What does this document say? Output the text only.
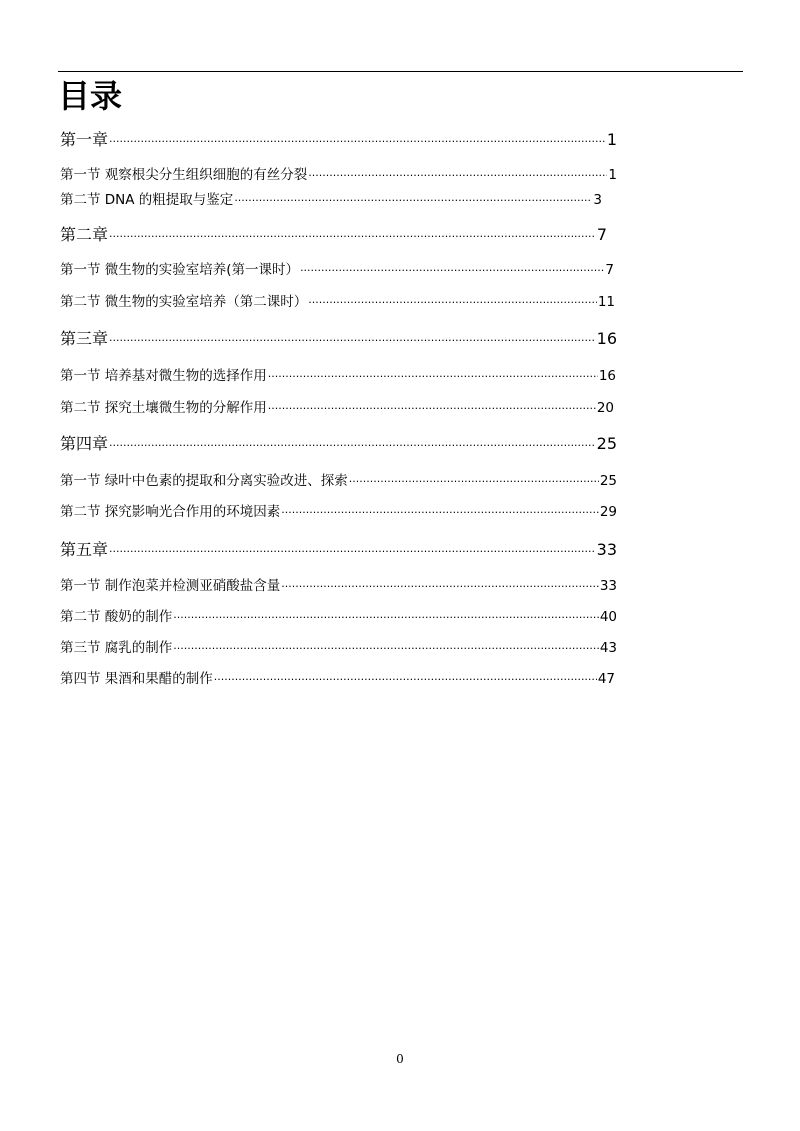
目录
第一章 ·····	1
第一节 观察根尖分生组织细胞的有丝分裂 ·····	1
第二节 DNA 的粗提取与鉴定 ·····	3
第二章 ·····	7
第一节 微生物的实验室培养(第一课时） ·····	7
第二节 微生物的实验室培养（第二课时） ·····	11
第三章 ·····	16
第一节 培养基对微生物的选择作用 ·····	16
第二节 探究土壤微生物的分解作用 ·····	20
第四章 ·····	25
第一节 绿叶中色素的提取和分离实验改进、探索 ·····	25
第二节 探究影响光合作用的环境因素 ·····	29
第五章 ·····	33
第一节 制作泡菜并检测亚硝酸盐含量 ·····	33
第二节 酸奶的制作 ·····	40
第三节 腐乳的制作 ·····	43
第四节 果酒和果醋的制作 ·····	47
0
